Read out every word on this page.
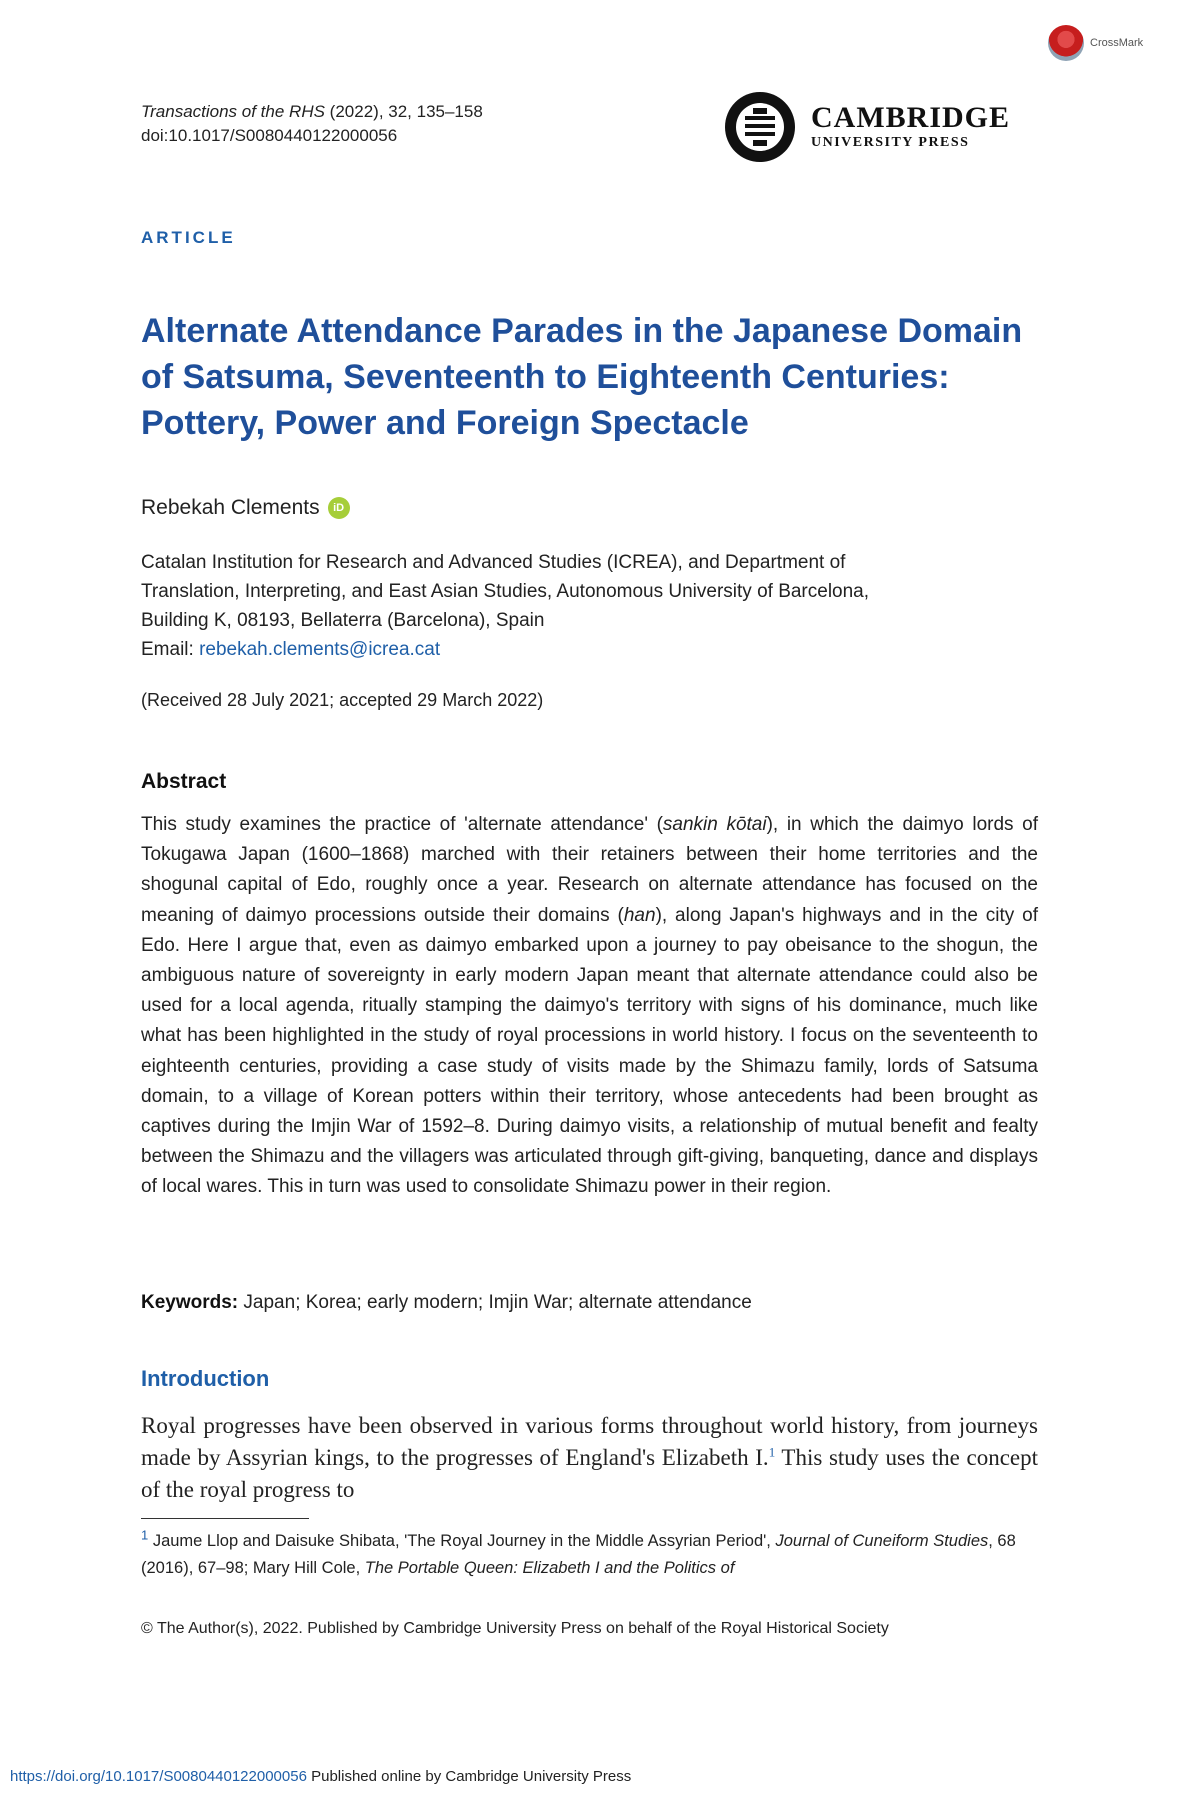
CrossMark
Transactions of the RHS (2022), 32, 135–158
doi:10.1017/S0080440122000056
CAMBRIDGE
UNIVERSITY PRESS
ARTICLE
Alternate Attendance Parades in the Japanese Domain of Satsuma, Seventeenth to Eighteenth Centuries: Pottery, Power and Foreign Spectacle
Rebekah Clements	iD
Catalan Institution for Research and Advanced Studies (ICREA), and Department of
Translation, Interpreting, and East Asian Studies, Autonomous University of Barcelona,
Building K, 08193, Bellaterra (Barcelona), Spain
Email: rebekah.clements@icrea.cat
(Received 28 July 2021; accepted 29 March 2022)
Abstract
This study examines the practice of 'alternate attendance' (sankin kōtai), in which the daimyo lords of Tokugawa Japan (1600–1868) marched with their retainers between their home territories and the shogunal capital of Edo, roughly once a year. Research on alternate attendance has focused on the meaning of daimyo processions outside their domains (han), along Japan's highways and in the city of Edo. Here I argue that, even as daimyo embarked upon a journey to pay obeisance to the shogun, the ambiguous nature of sovereignty in early modern Japan meant that alternate attendance could also be used for a local agenda, ritually stamping the daimyo's territory with signs of his dominance, much like what has been highlighted in the study of royal processions in world history. I focus on the seventeenth to eighteenth centuries, providing a case study of visits made by the Shimazu family, lords of Satsuma domain, to a village of Korean potters within their territory, whose antecedents had been brought as captives during the Imjin War of 1592–8. During daimyo visits, a relationship of mutual benefit and fealty between the Shimazu and the villagers was articulated through gift-giving, banqueting, dance and displays of local wares. This in turn was used to consolidate Shimazu power in their region.
Keywords: Japan; Korea; early modern; Imjin War; alternate attendance
Introduction
Royal progresses have been observed in various forms throughout world history, from journeys made by Assyrian kings, to the progresses of England's Elizabeth I.$^1$ This study uses the concept of the royal progress to
$^1$ Jaume Llop and Daisuke Shibata, 'The Royal Journey in the Middle Assyrian Period', Journal of Cuneiform Studies, 68 (2016), 67–98; Mary Hill Cole, The Portable Queen: Elizabeth I and the Politics of
© The Author(s), 2022. Published by Cambridge University Press on behalf of the Royal Historical Society
https://doi.org/10.1017/S0080440122000056 Published online by Cambridge University Press
